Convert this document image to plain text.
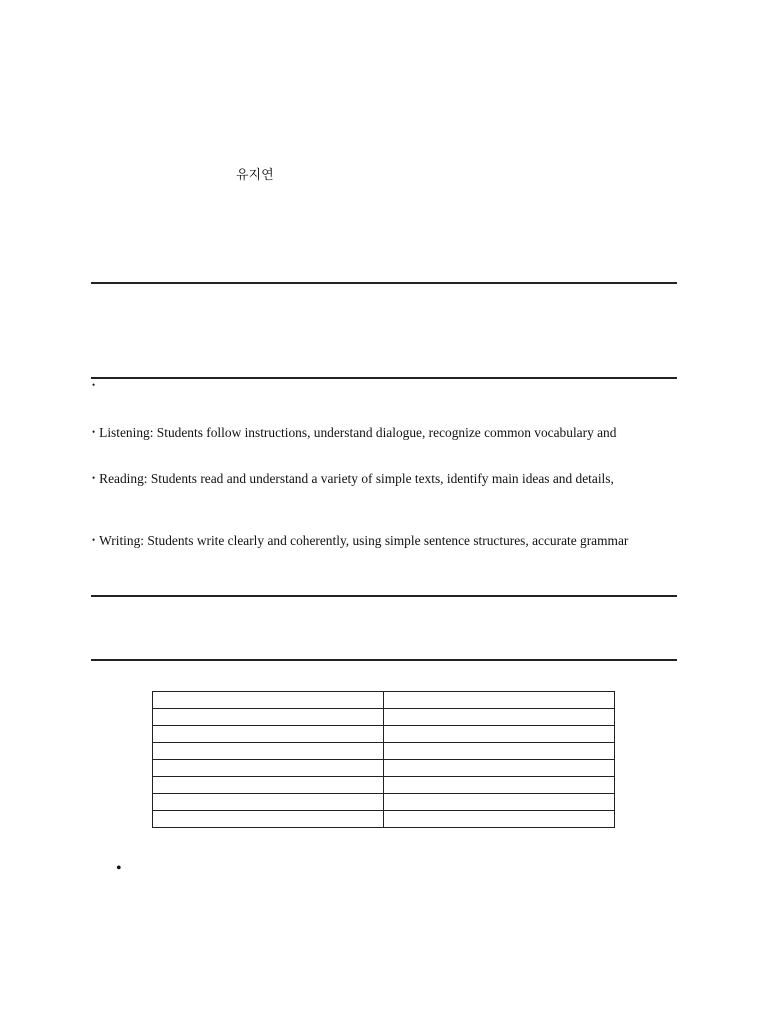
유지연
•
• Listening: Students follow instructions, understand dialogue, recognize common vocabulary and
• Reading: Students read and understand a variety of simple texts, identify main ideas and details,
• Writing: Students write clearly and coherently, using simple sentence structures, accurate grammar

•
